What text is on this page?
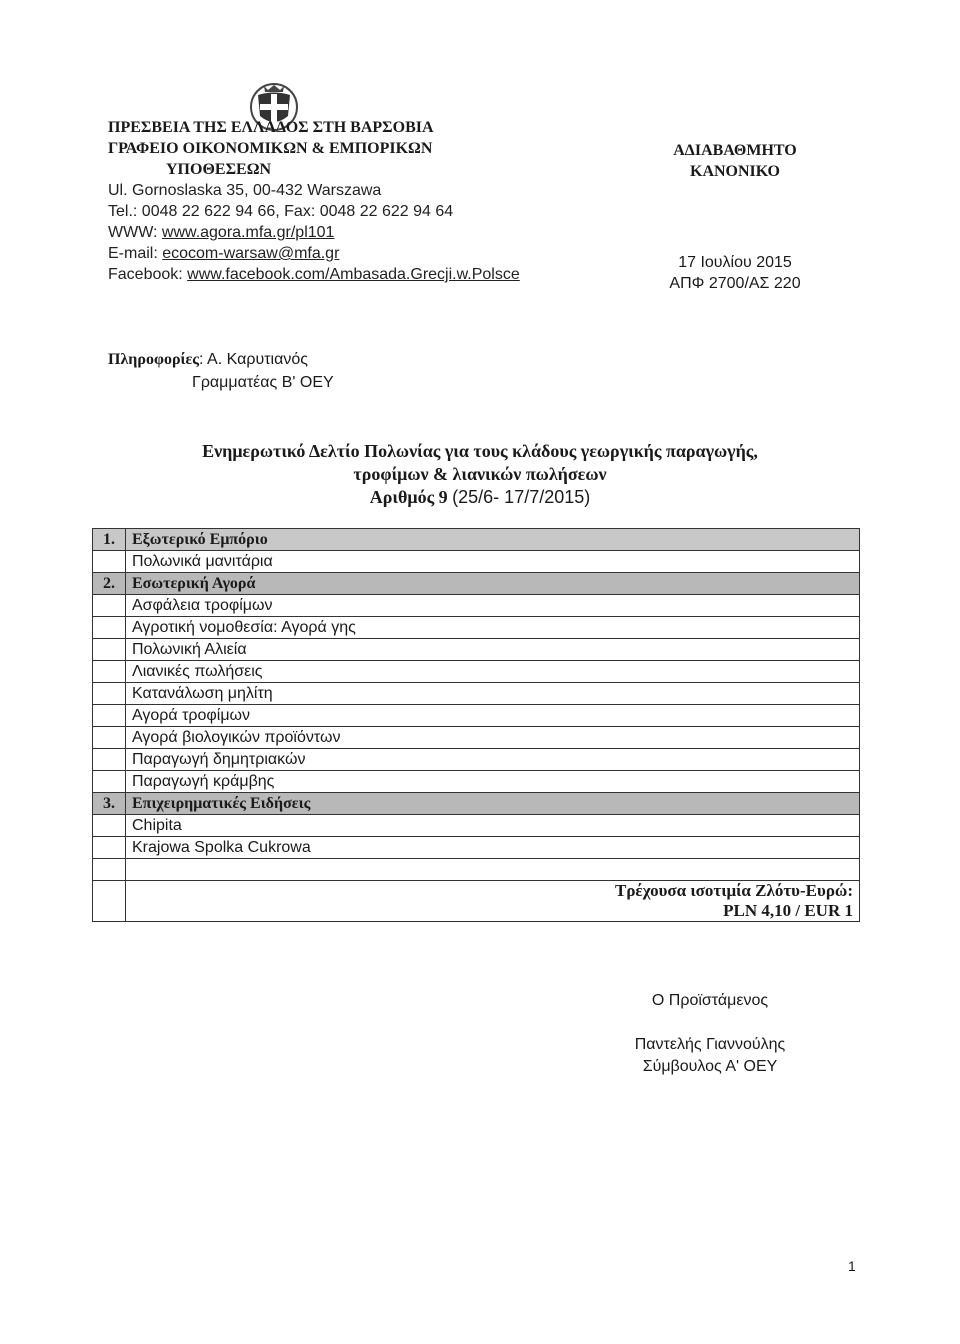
ΠΡΕΣΒΕΙΑ ΤΗΣ ΕΛΛΑΔΟΣ ΣΤΗ ΒΑΡΣΟΒΙΑ
ΓΡΑΦΕΙΟ ΟΙΚΟΝΟΜΙΚΩΝ & ΕΜΠΟΡΙΚΩΝ
ΥΠΟΘΕΣΕΩΝ
Ul. Gornoslaska 35, 00-432 Warszawa
Tel.: 0048 22 622 94 66, Fax: 0048 22 622 94 64
WWW: www.agora.mfa.gr/pl101
E-mail: ecocom-warsaw@mfa.gr
Facebook: www.facebook.com/Ambasada.Grecji.w.Polsce
ΑΔΙΑΒΑΘΜΗΤΟ
ΚΑΝΟΝΙΚΟ
17 Ιουλίου 2015
ΑΠΦ 2700/ΑΣ 220
Πληροφορίες: Α. Καρυτιανός
Γραμματέας Β' ΟΕΥ
Ενημερωτικό Δελτίο Πολωνίας για τους κλάδους γεωργικής παραγωγής,
τροφίμων & λιανικών πωλήσεων
Αριθμός 9 (25/6- 17/7/2015)
1.	Εξωτερικό Εμπόριο
	Πολωνικά μανιτάρια
2.	Εσωτερική Αγορά
	Ασφάλεια τροφίμων
	Αγροτική νομοθεσία: Αγορά γης
	Πολωνική Αλιεία
	Λιανικές πωλήσεις
	Κατανάλωση μηλίτη
	Αγορά τροφίμων
	Αγορά βιολογικών προϊόντων
	Παραγωγή δημητριακών
	Παραγωγή κράμβης
3.	Επιχειρηματικές Ειδήσεις
	Chipita
	Krajowa Spolka Cukrowa

	Τρέχουσα ισοτιμία Ζλότυ-Ευρώ:
PLN 4,10 / EUR 1
Ο Προϊστάμενος
Παντελής Γιαννούλης
Σύμβουλος Α' ΟΕΥ
1
